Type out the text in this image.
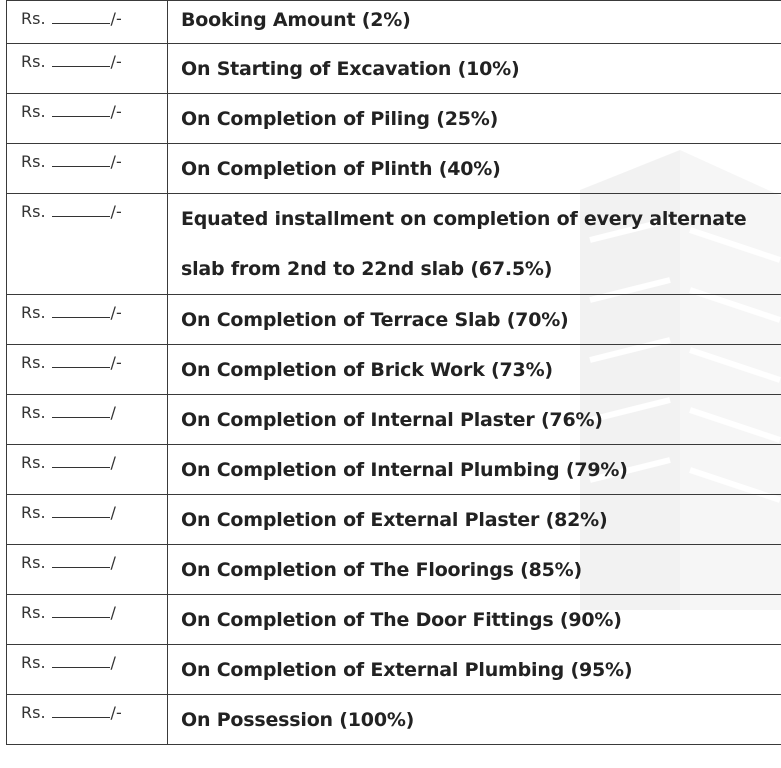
Rs. /-	Booking Amount (2%)
Rs. /-	On Starting of Excavation (10%)
Rs. /-	On Completion of Piling (25%)
Rs. /-	On Completion of Plinth (40%)
Rs. /-	Equated installment on completion of every alternate slab from 2nd to 22nd slab (67.5%)
Rs. /-	On Completion of Terrace Slab (70%)
Rs. /-	On Completion of Brick Work (73%)
Rs. /	On Completion of Internal Plaster (76%)
Rs. /	On Completion of Internal Plumbing (79%)
Rs. /	On Completion of External Plaster (82%)
Rs. /	On Completion of The Floorings (85%)
Rs. /	On Completion of The Door Fittings (90%)
Rs. /	On Completion of External Plumbing (95%)
Rs. /-	On Possession (100%)
